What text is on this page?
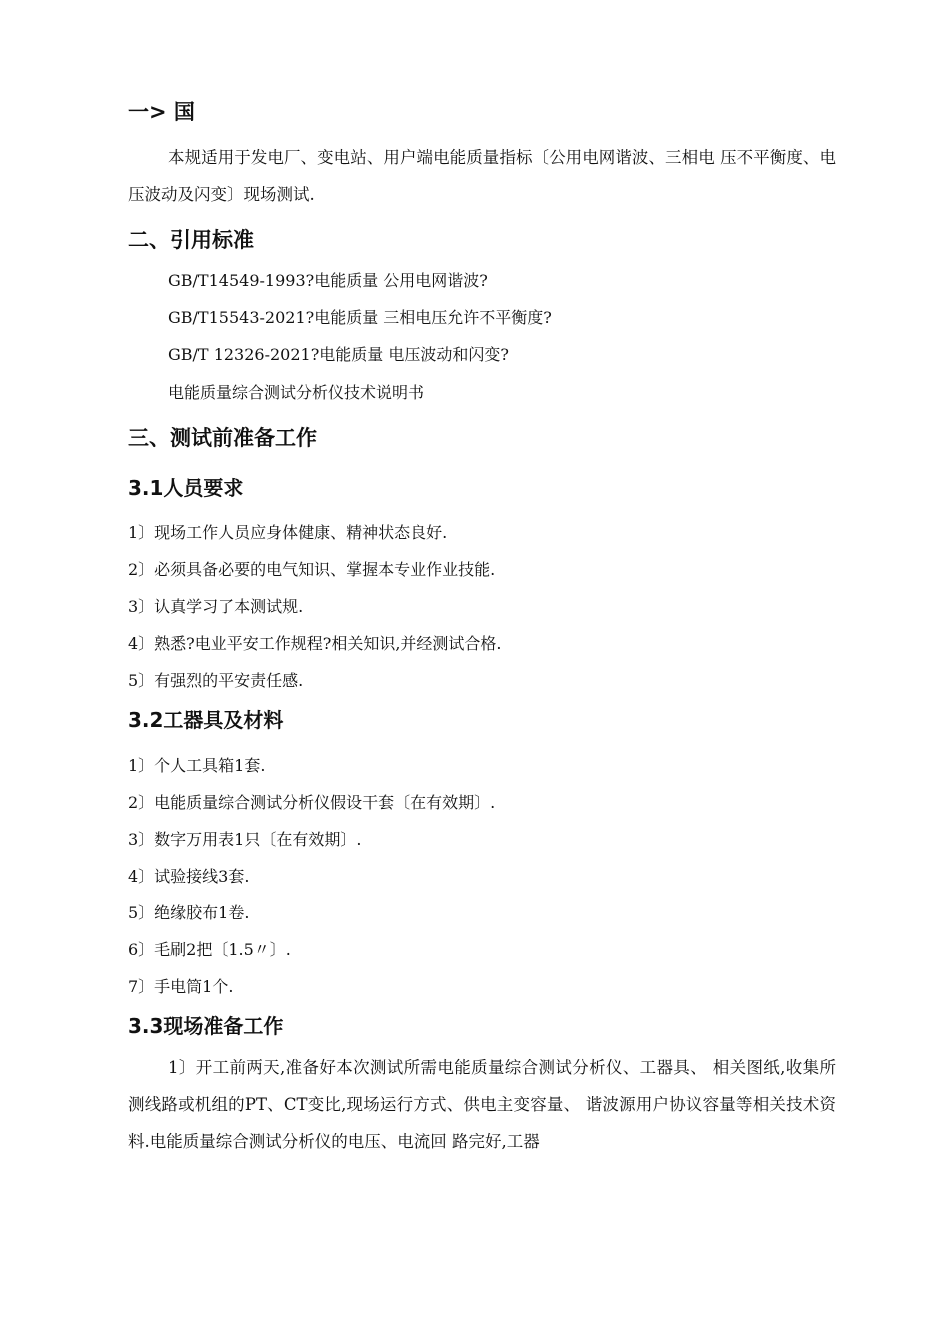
一> 国
本规适用于发电厂、变电站、用户端电能质量指标〔公用电网谐波、三相电 压不平衡度、电压波动及闪变〕现场测试.
二、引用标准
GB/T14549-1993?电能质量 公用电网谐波?
GB/T15543-2021?电能质量 三相电压允许不平衡度?
GB/T 12326-2021?电能质量 电压波动和闪变?
电能质量综合测试分析仪技术说明书
三、测试前准备工作
3.1人员要求
1〕现场工作人员应身体健康、精神状态良好.
2〕必须具备必要的电气知识、掌握本专业作业技能.
3〕认真学习了本测试规.
4〕熟悉?电业平安工作规程?相关知识,并经测试合格.
5〕有强烈的平安责任感.
3.2工器具及材料
1〕个人工具箱1套.
2〕电能质量综合测试分析仪假设干套〔在有效期〕.
3〕数字万用表1只〔在有效期〕.
4〕试验接线3套.
5〕绝缘胶布1卷.
6〕毛刷2把〔1.5〃〕.
7〕手电筒1个.
3.3现场准备工作
1〕开工前两天,准备好本次测试所需电能质量综合测试分析仪、工器具、 相关图纸,收集所测线路或机组的PT、CT变比,现场运行方式、供电主变容量、 谐波源用户协议容量等相关技术资料.电能质量综合测试分析仪的电压、电流回 路完好,工器
